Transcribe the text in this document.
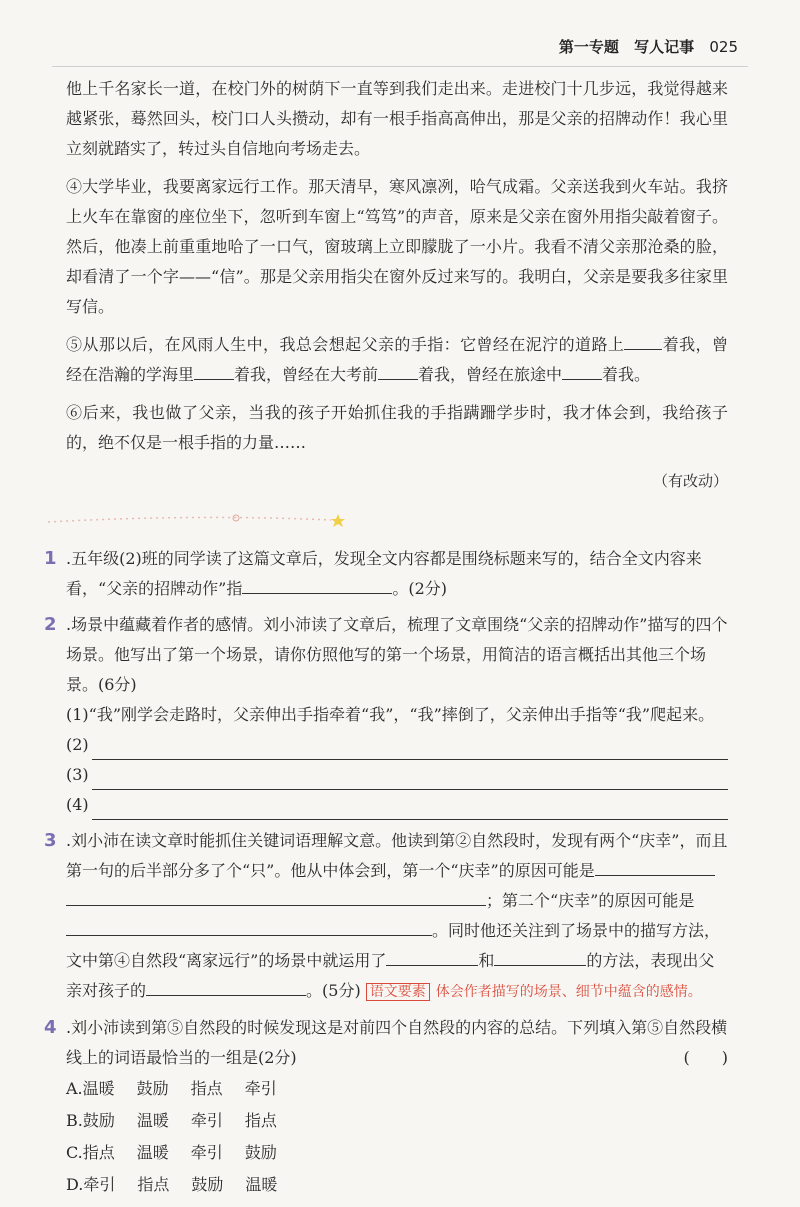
第一专题 写人记事 025

他上千名家长一道，在校门外的树荫下一直等到我们走出来。走进校门十几步远，我觉得越来越紧张，蓦然回头，校门口人头攒动，却有一根手指高高伸出，那是父亲的招牌动作！我心里立刻就踏实了，转过头自信地向考场走去。

④大学毕业，我要离家远行工作。那天清早，寒风凛冽，哈气成霜。父亲送我到火车站。我挤上火车在靠窗的座位坐下，忽听到车窗上“笃笃”的声音，原来是父亲在窗外用指尖敲着窗子。然后，他凑上前重重地哈了一口气，窗玻璃上立即朦胧了一小片。我看不清父亲那沧桑的脸，却看清了一个字——“信”。那是父亲用指尖在窗外反过来写的。我明白，父亲是要我多往家里写信。

⑤从那以后，在风雨人生中，我总会想起父亲的手指：它曾经在泥泞的道路上 着我，曾经在浩瀚的学海里	着我，曾经在大考前	着我，曾经在旅途中	着我。

⑥后来，我也做了父亲，当我的孩子开始抓住我的手指蹒跚学步时，我才体会到，我给孩子的，绝不仅是一根手指的力量……

（有改动）
1 .五年级(2)班的同学读了这篇文章后，发现全文内容都是围绕标题来写的，结合全文内容来看，“父亲的招牌动作”指	。(2分)
2 .场景中蕴藏着作者的感情。刘小沛读了文章后，梳理了文章围绕“父亲的招牌动作”描写的四个场景。他写出了第一个场景，请你仿照他写的第一个场景，用简洁的语言概括出其他三个场景。(6分)
(1)“我”刚学会走路时，父亲伸出手指牵着“我”，“我”摔倒了，父亲伸出手指等“我”爬起来。
(2)
(3)
(4)
3 .刘小沛在读文章时能抓住关键词语理解文意。他读到第②自然段时，发现有两个“庆幸”，而且第一句的后半部分多了个“只”。他从中体会到，第一个“庆幸”的原因可能是；第二个“庆幸”的原因可能是。同时他还关注到了场景中的描写方法，文中第④自然段“离家远行”的场景中就运用了	和	的方法，表现出父亲对孩子的	。(5分) 语文要素 体会作者描写的场景、细节中蕴含的感情。
4 .刘小沛读到第⑤自然段的时候发现这是对前四个自然段的内容的总结。下列填入第⑤自然段横线上的词语最恰当的一组是(2分)	(　　)
A.温暖 鼓励 指点 牵引
B.鼓励 温暖 牵引 指点
C.指点 温暖 牵引 鼓励
D.牵引 指点 鼓励 温暖
